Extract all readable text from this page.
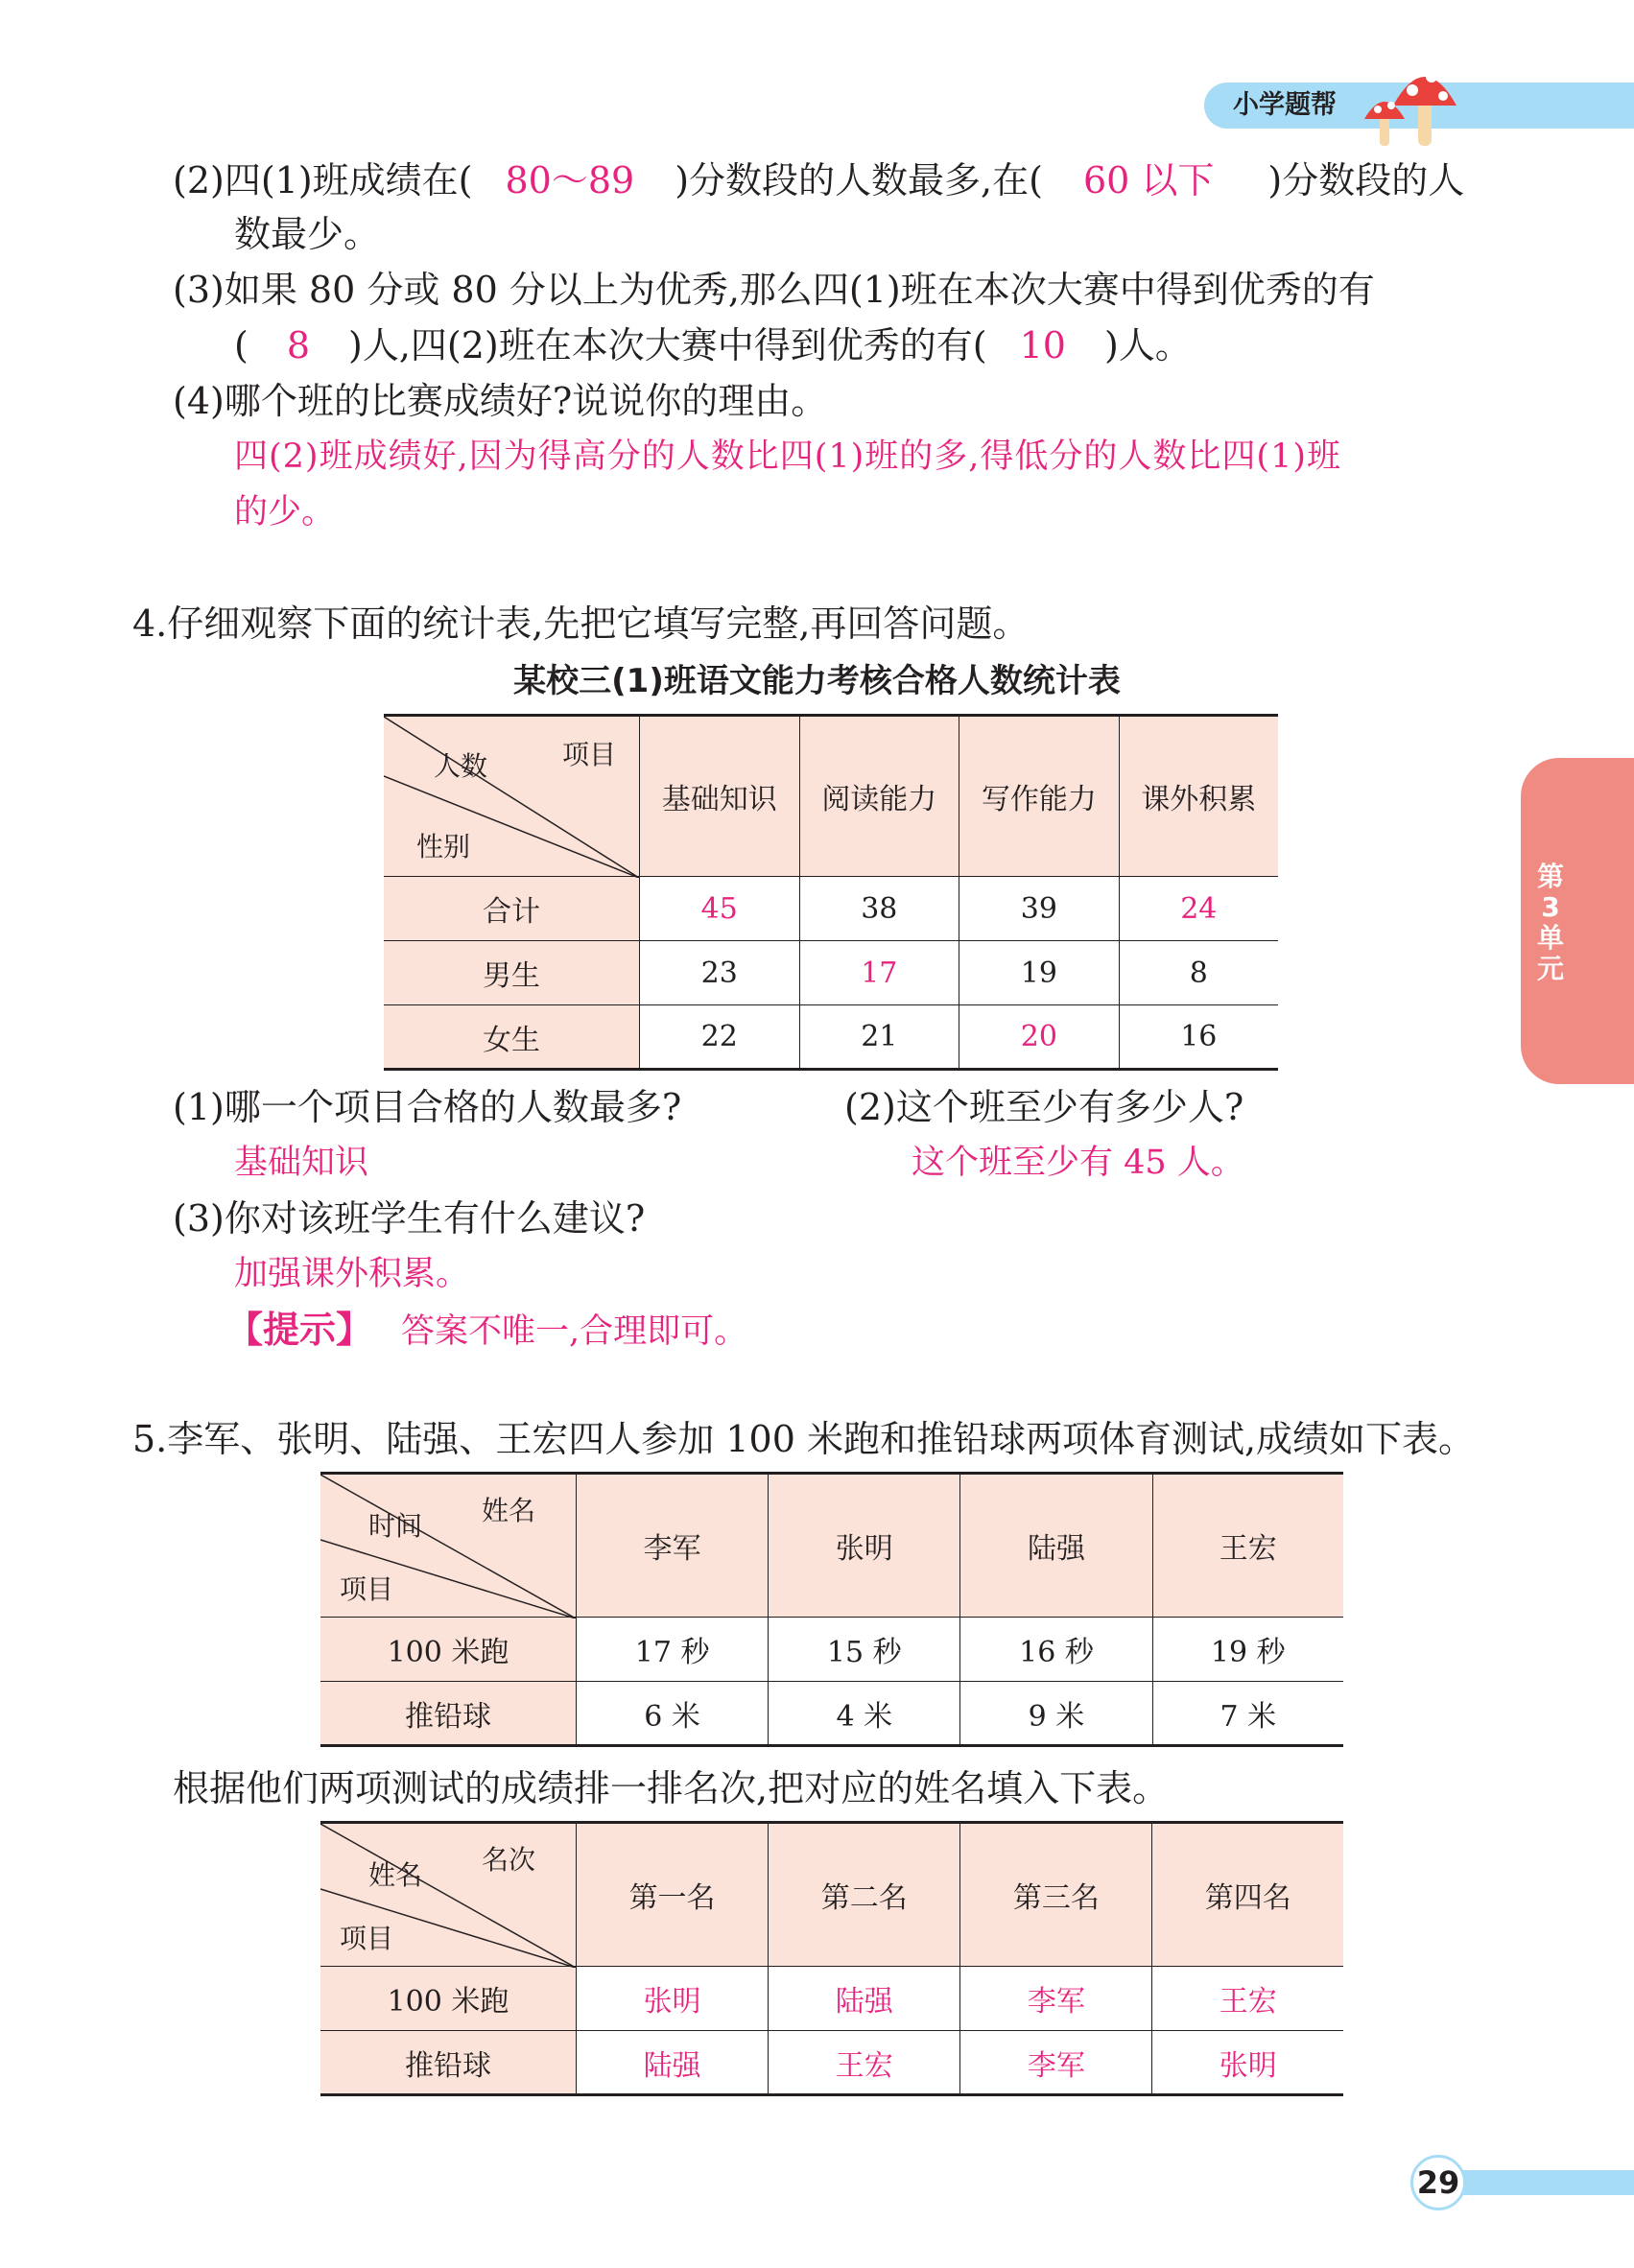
小学题帮
第3单元
(2)四(1)班成绩在( 80～89 )分数段的人数最多,在( 60 以下 )分数段的人
数最少。
(3)如果 80 分或 80 分以上为优秀,那么四(1)班在本次大赛中得到优秀的有
( 8 )人,四(2)班在本次大赛中得到优秀的有( 10 )人。
(4)哪个班的比赛成绩好?说说你的理由。
四(2)班成绩好,因为得高分的人数比四(1)班的多,得低分的人数比四(1)班
的少。
4.仔细观察下面的统计表,先把它填写完整,再回答问题。
某校三(1)班语文能力考核合格人数统计表
项目
人数
性别	基础知识	阅读能力	写作能力	课外积累
合计	45	38	39	24
男生	23	17	19	8
女生	22	21	20	16
(1)哪一个项目合格的人数最多?
基础知识
(2)这个班至少有多少人?
这个班至少有 45 人。
(3)你对该班学生有什么建议?
加强课外积累。
【提示】 答案不唯一,合理即可。
5.李军、张明、陆强、王宏四人参加 100 米跑和推铅球两项体育测试,成绩如下表。
姓名
时间
项目	李军	张明	陆强	王宏
100 米跑	17 秒	15 秒	16 秒	19 秒
推铅球	6 米	4 米	9 米	7 米
根据他们两项测试的成绩排一排名次,把对应的姓名填入下表。
名次
姓名
项目	第一名	第二名	第三名	第四名
100 米跑	张明	陆强	李军	王宏
推铅球	陆强	王宏	李军	张明
29
